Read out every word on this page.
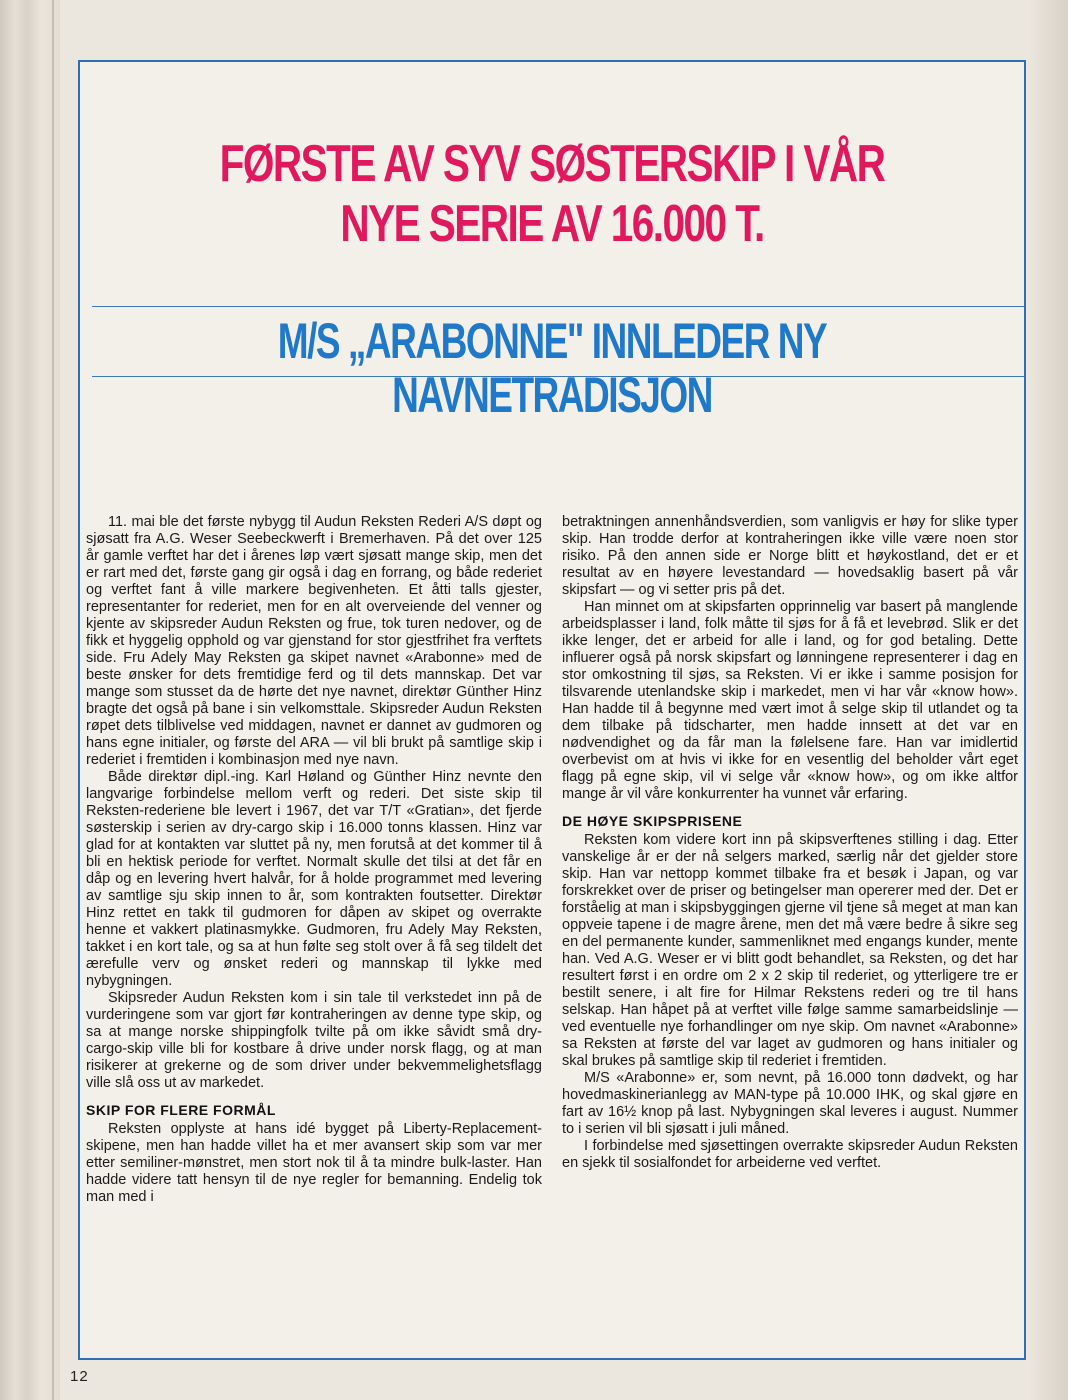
FØRSTE AV SYV SØSTERSKIP I VÅR
NYE SERIE AV 16.000 T.
M/S „ARABONNE" INNLEDER NY NAVNETRADISJON

11. mai ble det første nybygg til Audun Reksten Rederi A/S døpt og sjøsatt fra A.G. Weser Seebeckwerft i Bremerhaven. På det over 125 år gamle verftet har det i årenes løp vært sjøsatt mange skip, men det er rart med det, første gang gir også i dag en forrang, og både rederiet og verftet fant å ville markere begivenheten. Et åtti talls gjester, representanter for rederiet, men for en alt overveiende del venner og kjente av skipsreder Audun Reksten og frue, tok turen nedover, og de fikk et hyggelig opphold og var gjenstand for stor gjestfrihet fra verftets side. Fru Adely May Reksten ga skipet navnet «Arabonne» med de beste ønsker for dets fremtidige ferd og til dets mannskap. Det var mange som stusset da de hørte det nye navnet, direktør Günther Hinz bragte det også på bane i sin velkomsttale. Skipsreder Audun Reksten røpet dets tilblivelse ved middagen, navnet er dannet av gudmoren og hans egne initialer, og første del ARA — vil bli brukt på samtlige skip i rederiet i fremtiden i kombinasjon med nye navn.

Både direktør dipl.-ing. Karl Høland og Günther Hinz nevnte den langvarige forbindelse mellom verft og rederi. Det siste skip til Reksten-rederiene ble levert i 1967, det var T/T «Gratian», det fjerde søsterskip i serien av dry-cargo skip i 16.000 tonns klassen. Hinz var glad for at kontakten var sluttet på ny, men forutså at det kommer til å bli en hektisk periode for verftet. Normalt skulle det tilsi at det får en dåp og en levering hvert halvår, for å holde programmet med levering av samtlige sju skip innen to år, som kontrakten foutsetter. Direktør Hinz rettet en takk til gudmoren for dåpen av skipet og overrakte henne et vakkert platinasmykke. Gudmoren, fru Adely May Reksten, takket i en kort tale, og sa at hun følte seg stolt over å få seg tildelt det ærefulle verv og ønsket rederi og mannskap til lykke med nybygningen.

Skipsreder Audun Reksten kom i sin tale til verkstedet inn på de vurderingene som var gjort før kontraheringen av denne type skip, og sa at mange norske shippingfolk tvilte på om ikke såvidt små dry-cargo-skip ville bli for kostbare å drive under norsk flagg, og at man risikerer at grekerne og de som driver under bekvemmelighetsflagg ville slå oss ut av markedet.

SKIP FOR FLERE FORMÅL

Reksten opplyste at hans idé bygget på Liberty-Replacement-skipene, men han hadde villet ha et mer avansert skip som var mer etter semiliner-mønstret, men stort nok til å ta mindre bulk-laster. Han hadde videre tatt hensyn til de nye regler for bemanning. Endelig tok man med i

betraktningen annenhåndsverdien, som vanligvis er høy for slike typer skip. Han trodde derfor at kontraheringen ikke ville være noen stor risiko. På den annen side er Norge blitt et høykostland, det er et resultat av en høyere levestandard — hovedsaklig basert på vår skipsfart — og vi setter pris på det.

Han minnet om at skipsfarten opprinnelig var basert på manglende arbeidsplasser i land, folk måtte til sjøs for å få et levebrød. Slik er det ikke lenger, det er arbeid for alle i land, og for god betaling. Dette influerer også på norsk skipsfart og lønningene representerer i dag en stor omkostning til sjøs, sa Reksten. Vi er ikke i samme posisjon for tilsvarende utenlandske skip i markedet, men vi har vår «know how». Han hadde til å begynne med vært imot å selge skip til utlandet og ta dem tilbake på tidscharter, men hadde innsett at det var en nødvendighet og da får man la følelsene fare. Han var imidlertid overbevist om at hvis vi ikke for en vesentlig del beholder vårt eget flagg på egne skip, vil vi selge vår «know how», og om ikke altfor mange år vil våre konkurrenter ha vunnet vår erfaring.

DE HØYE SKIPSPRISENE

Reksten kom videre kort inn på skipsverftenes stilling i dag. Etter vanskelige år er der nå selgers marked, særlig når det gjelder store skip. Han var nettopp kommet tilbake fra et besøk i Japan, og var forskrekket over de priser og betingelser man opererer med der. Det er forståelig at man i skipsbyggingen gjerne vil tjene så meget at man kan oppveie tapene i de magre årene, men det må være bedre å sikre seg en del permanente kunder, sammenliknet med engangs kunder, mente han. Ved A.G. Weser er vi blitt godt behandlet, sa Reksten, og det har resultert først i en ordre om 2 x 2 skip til rederiet, og ytterligere tre er bestilt senere, i alt fire for Hilmar Rekstens rederi og tre til hans selskap. Han håpet på at verftet ville følge samme samarbeidslinje — ved eventuelle nye forhandlinger om nye skip. Om navnet «Arabonne» sa Reksten at første del var laget av gudmoren og hans initialer og skal brukes på samtlige skip til rederiet i fremtiden.

M/S «Arabonne» er, som nevnt, på 16.000 tonn dødvekt, og har hovedmaskinerianlegg av MAN-type på 10.000 IHK, og skal gjøre en fart av 16½ knop på last. Nybygningen skal leveres i august. Nummer to i serien vil bli sjøsatt i juli måned.

I forbindelse med sjøsettingen overrakte skipsreder Audun Reksten en sjekk til sosialfondet for arbeiderne ved verftet.

12
